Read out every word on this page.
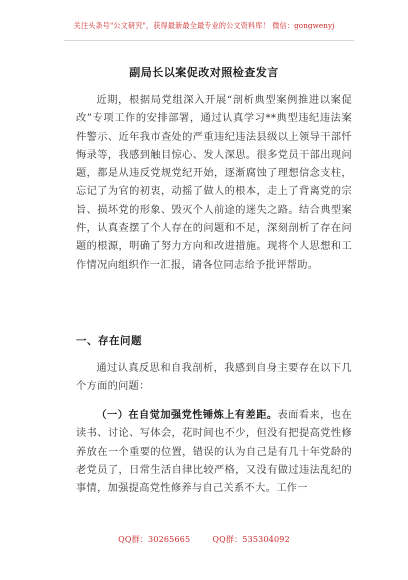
关注头条号"公文研究"，获得最新最全最专业的公文资料库！ 微信：gongwenyj
副局长以案促改对照检查发言

近期，根据局党组深入开展“剖析典型案例推进以案促改”专项工作的安排部署，通过认真学习**典型违纪违法案件警示、近年我市查处的严重违纪违法县级以上领导干部忏悔录等，我感到触目惊心、发人深思。很多党员干部出现问题，都是从违反党规党纪开始，逐渐腐蚀了理想信念支柱，忘记了为官的初衷，动摇了做人的根本，走上了背离党的宗旨、损坏党的形象、毁灭个人前途的迷失之路。结合典型案件，认真查摆了个人存在的问题和不足，深刻剖析了存在问题的根源，明确了努力方向和改进措施。现将个人思想和工作情况向组织作一汇报，请各位同志给予批评帮助。

一、存在问题

通过认真反思和自我剖析，我感到自身主要存在以下几个方面的问题：

（一）在自觉加强党性锤炼上有差距。表面看来，也在读书、讨论、写体会，花时间也不少，但没有把提高党性修养放在一个重要的位置，错误的认为自己是有几十年党龄的老党员了，日常生活自律比较严格，又没有做过违法乱纪的事情，加强提高党性修养与自己关系不大。工作一

QQ群：30265665	QQ群：535304092
